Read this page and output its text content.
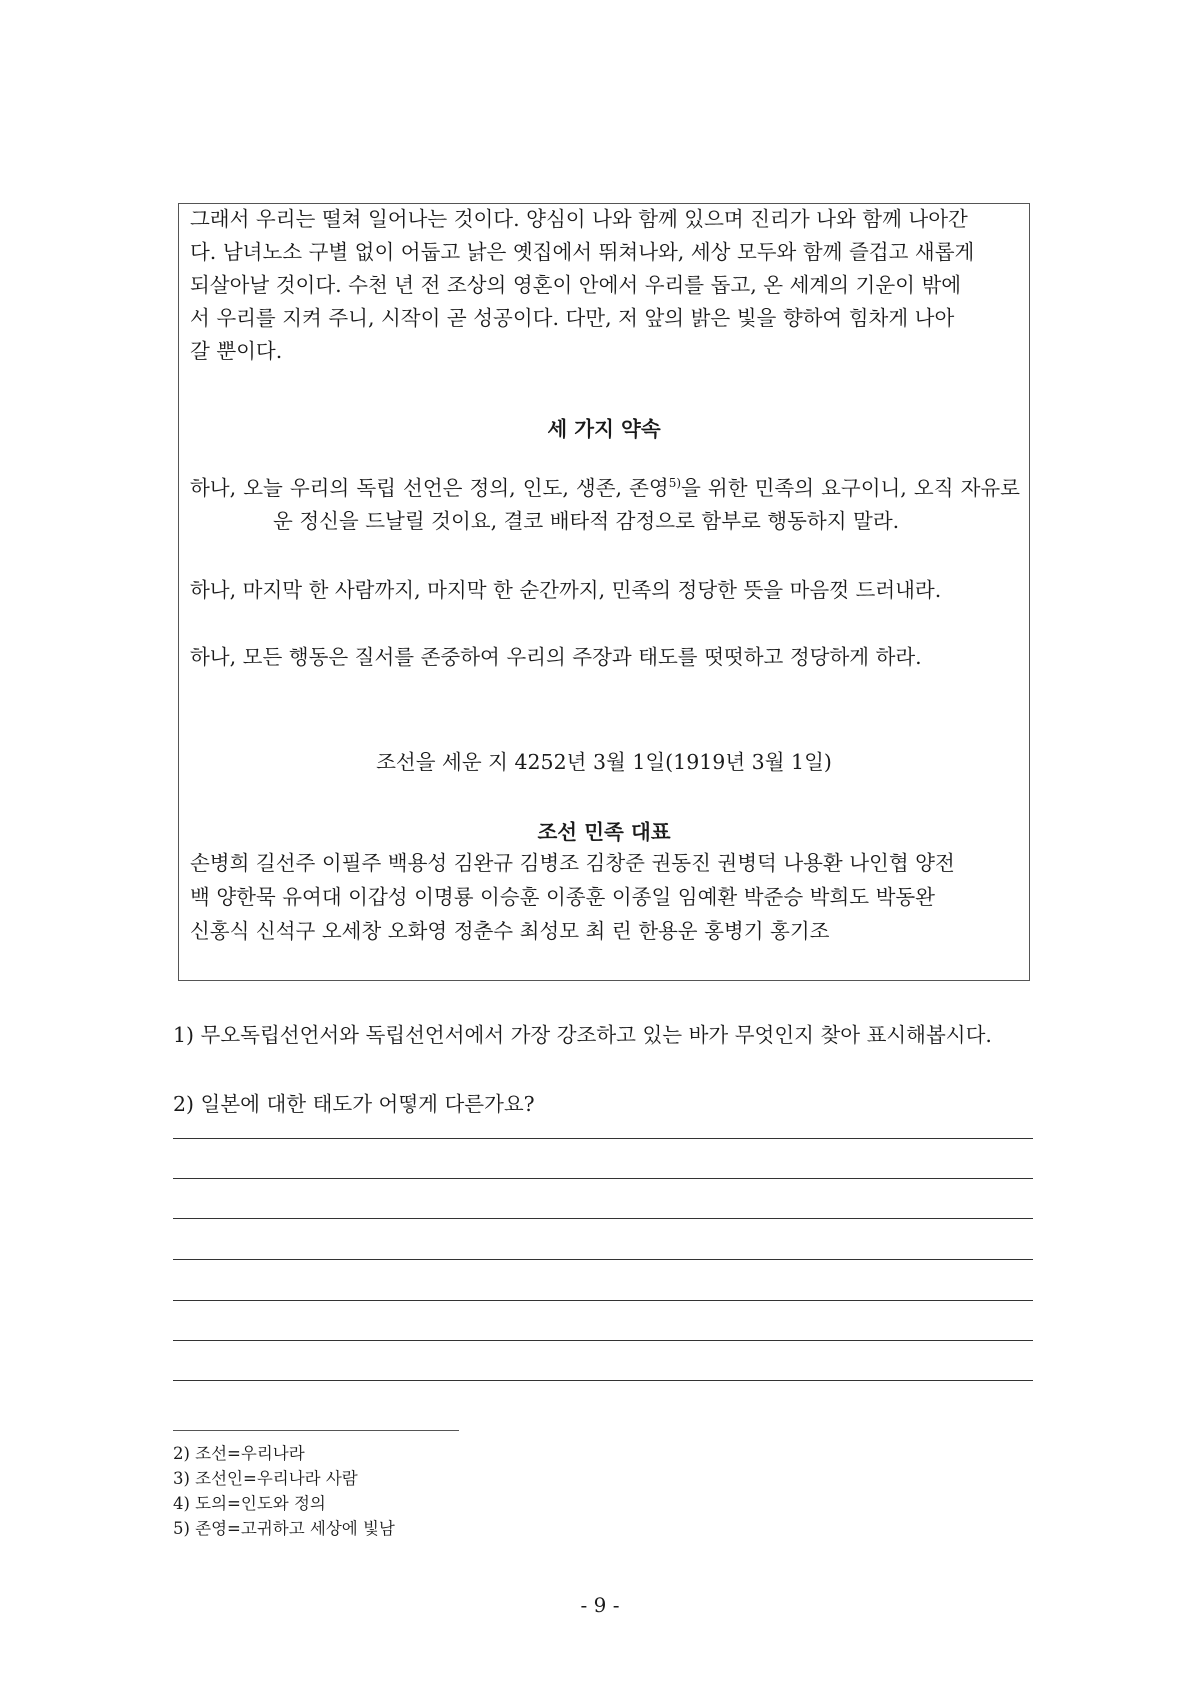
그래서 우리는 떨쳐 일어나는 것이다. 양심이 나와 함께 있으며 진리가 나와 함께 나아간
다. 남녀노소 구별 없이 어둡고 낡은 옛집에서 뛰쳐나와, 세상 모두와 함께 즐겁고 새롭게
되살아날 것이다. 수천 년 전 조상의 영혼이 안에서 우리를 돕고, 온 세계의 기운이 밖에
서 우리를 지켜 주니, 시작이 곧 성공이다. 다만, 저 앞의 밝은 빛을 향하여 힘차게 나아
갈 뿐이다.

세 가지 약속

하나, 오늘 우리의 독립 선언은 정의, 인도, 생존, 존영$^{5)}$을 위한 민족의 요구이니, 오직 자유로운 정신을 드날릴 것이요, 결코 배타적 감정으로 함부로 행동하지 말라.

하나, 마지막 한 사람까지, 마지막 한 순간까지, 민족의 정당한 뜻을 마음껏 드러내라.

하나, 모든 행동은 질서를 존중하여 우리의 주장과 태도를 떳떳하고 정당하게 하라.

조선을 세운 지 4252년 3월 1일(1919년 3월 1일)

조선 민족 대표

손병희 길선주 이필주 백용성 김완규 김병조 김창준 권동진 권병덕 나용환 나인협 양전

백 양한묵 유여대 이갑성 이명룡 이승훈 이종훈 이종일 임예환 박준승 박희도 박동완

신홍식 신석구 오세창 오화영 정춘수 최성모 최 린 한용운 홍병기 홍기조

1) 무오독립선언서와 독립선언서에서 가장 강조하고 있는 바가 무엇인지 찾아 표시해봅시다.

2) 일본에 대한 태도가 어떻게 다른가요?

2) 조선=우리나라

3) 조선인=우리나라 사람

4) 도의=인도와 정의

5) 존영=고귀하고 세상에 빛남

- 9 -
